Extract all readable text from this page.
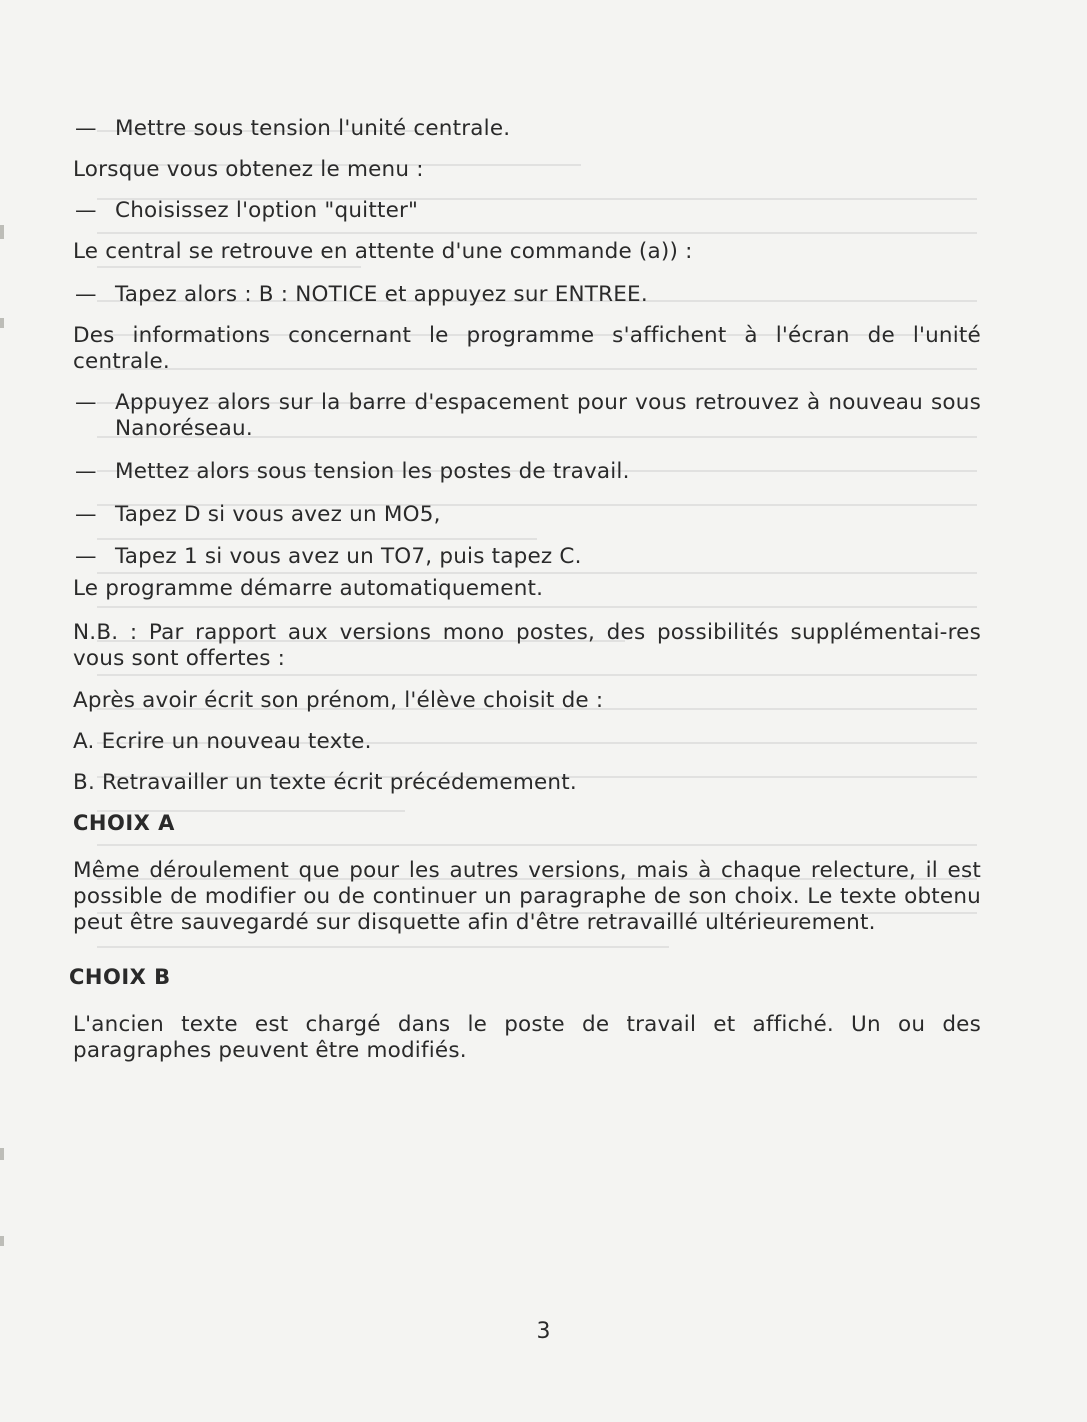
— Mettre sous tension l'unité centrale.
Lorsque vous obtenez le menu :
— Choisissez l'option "quitter"
Le central se retrouve en attente d'une commande (a)) :
— Tapez alors : B : NOTICE et appuyez sur ENTREE.
Des informations concernant le programme s'affichent à l'écran de l'unité centrale.
— Appuyez alors sur la barre d'espacement pour vous retrouvez à nouveau sous Nanoréseau.
— Mettez alors sous tension les postes de travail.
— Tapez D si vous avez un MO5,
— Tapez 1 si vous avez un TO7, puis tapez C.
Le programme démarre automatiquement.
N.B. : Par rapport aux versions mono postes, des possibilités supplémentai-res vous sont offertes :
Après avoir écrit son prénom, l'élève choisit de :
A. Ecrire un nouveau texte.
B. Retravailler un texte écrit précédemement.
CHOIX A
Même déroulement que pour les autres versions, mais à chaque relecture, il est possible de modifier ou de continuer un paragraphe de son choix. Le texte obtenu peut être sauvegardé sur disquette afin d'être retravaillé ultérieurement.
CHOIX B
L'ancien texte est chargé dans le poste de travail et affiché. Un ou des paragraphes peuvent être modifiés.
3
